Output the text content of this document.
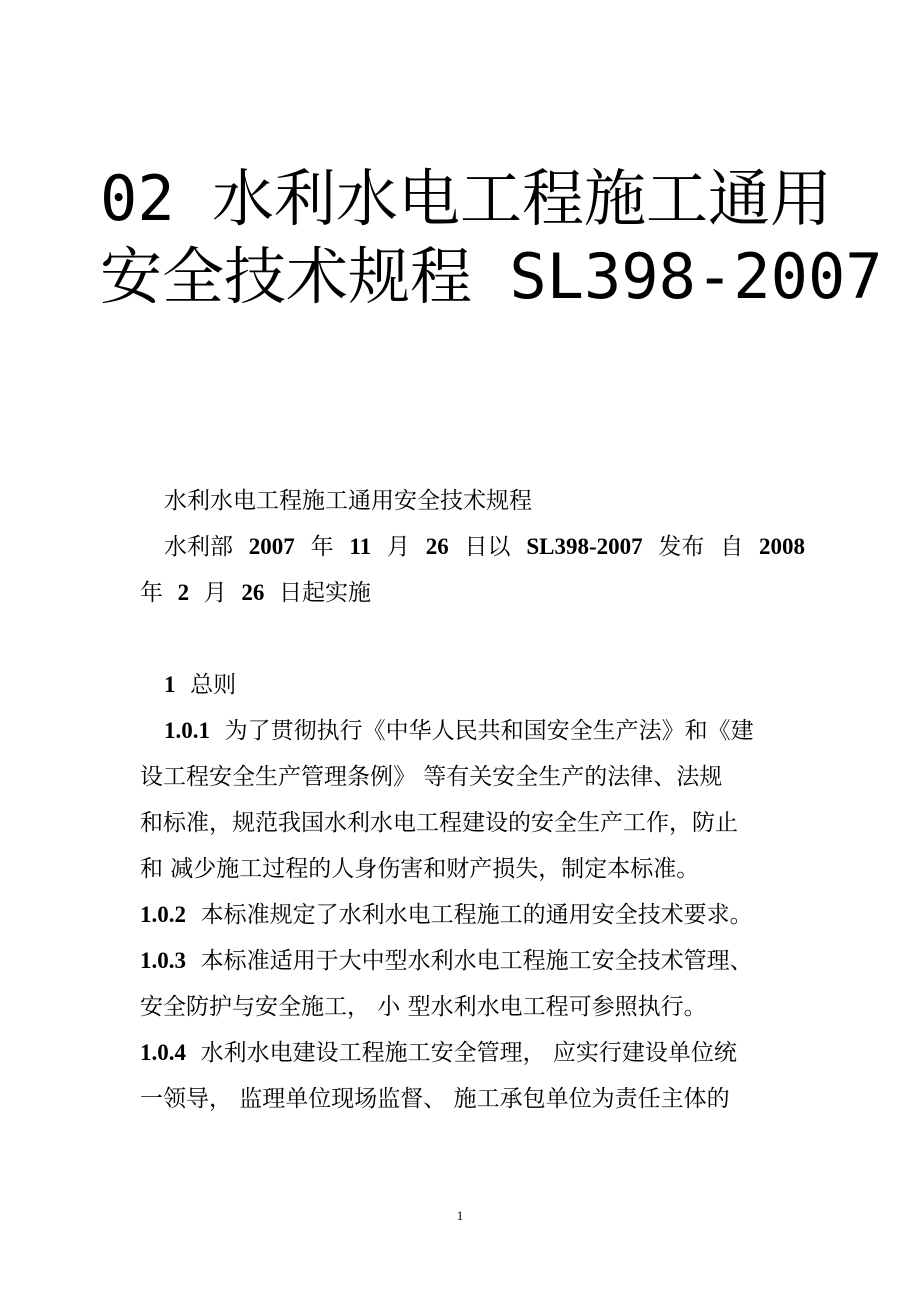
02 水利水电工程施工通用
安全技术规程 SL398-2007
水利水电工程施工通用安全技术规程
水利部 2007 年 11 月 26 日以 SL398-2007 发布 自 2008
年 2 月 26 日起实施
1 总则
1.0.1 为了贯彻执行《中华人民共和国安全生产法》和《建
设工程安全生产管理条例》 等有关安全生产的法律、法规
和标准，规范我国水利水电工程建设的安全生产工作，防止
和 减少施工过程的人身伤害和财产损失，制定本标准。
1.0.2 本标准规定了水利水电工程施工的通用安全技术要求。
1.0.3 本标准适用于大中型水利水电工程施工安全技术管理、
安全防护与安全施工， 小 型水利水电工程可参照执行。
1.0.4 水利水电建设工程施工安全管理， 应实行建设单位统
一领导， 监理单位现场监督、 施工承包单位为责任主体的
1
